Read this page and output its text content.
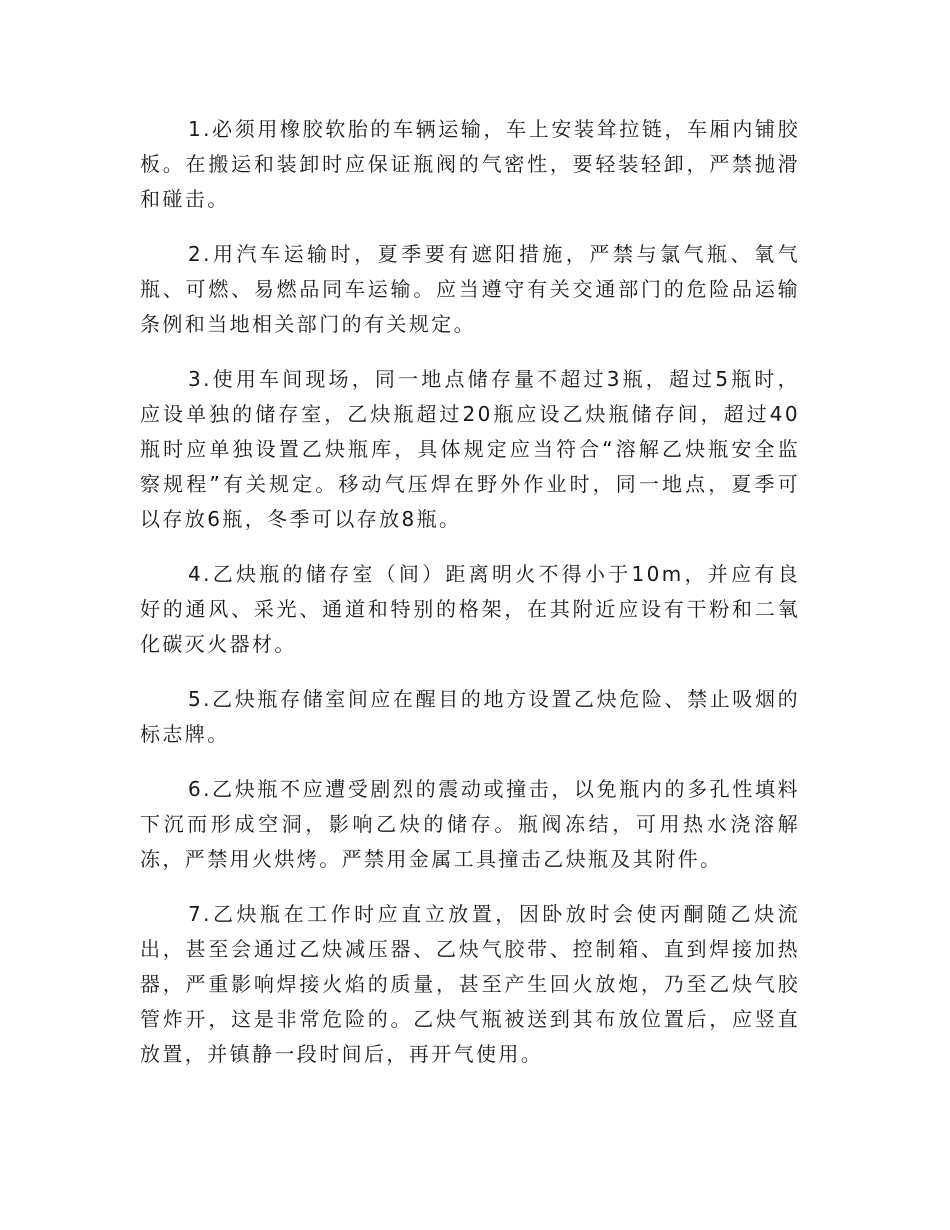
1.必须用橡胶软胎的车辆运输，车上安装耸拉链，车厢内铺胶板。在搬运和装卸时应保证瓶阀的气密性，要轻装轻卸，严禁抛滑和碰击。

2.用汽车运输时，夏季要有遮阳措施，严禁与氯气瓶、氧气瓶、可燃、易燃品同车运输。应当遵守有关交通部门的危险品运输条例和当地相关部门的有关规定。

3.使用车间现场，同一地点储存量不超过3瓶，超过5瓶时，应设单独的储存室，乙炔瓶超过20瓶应设乙炔瓶储存间，超过40瓶时应单独设置乙炔瓶库，具体规定应当符合“溶解乙炔瓶安全监察规程”有关规定。移动气压焊在野外作业时，同一地点，夏季可以存放6瓶，冬季可以存放8瓶。

4.乙炔瓶的储存室（间）距离明火不得小于10m，并应有良好的通风、采光、通道和特别的格架，在其附近应设有干粉和二氧化碳灭火器材。

5.乙炔瓶存储室间应在醒目的地方设置乙炔危险、禁止吸烟的标志牌。

6.乙炔瓶不应遭受剧烈的震动或撞击，以免瓶内的多孔性填料下沉而形成空洞，影响乙炔的储存。瓶阀冻结，可用热水浇溶解冻，严禁用火烘烤。严禁用金属工具撞击乙炔瓶及其附件。

7.乙炔瓶在工作时应直立放置，因卧放时会使丙酮随乙炔流出，甚至会通过乙炔减压器、乙炔气胶带、控制箱、直到焊接加热器，严重影响焊接火焰的质量，甚至产生回火放炮，乃至乙炔气胶管炸开，这是非常危险的。乙炔气瓶被送到其布放位置后，应竖直放置，并镇静一段时间后，再开气使用。
